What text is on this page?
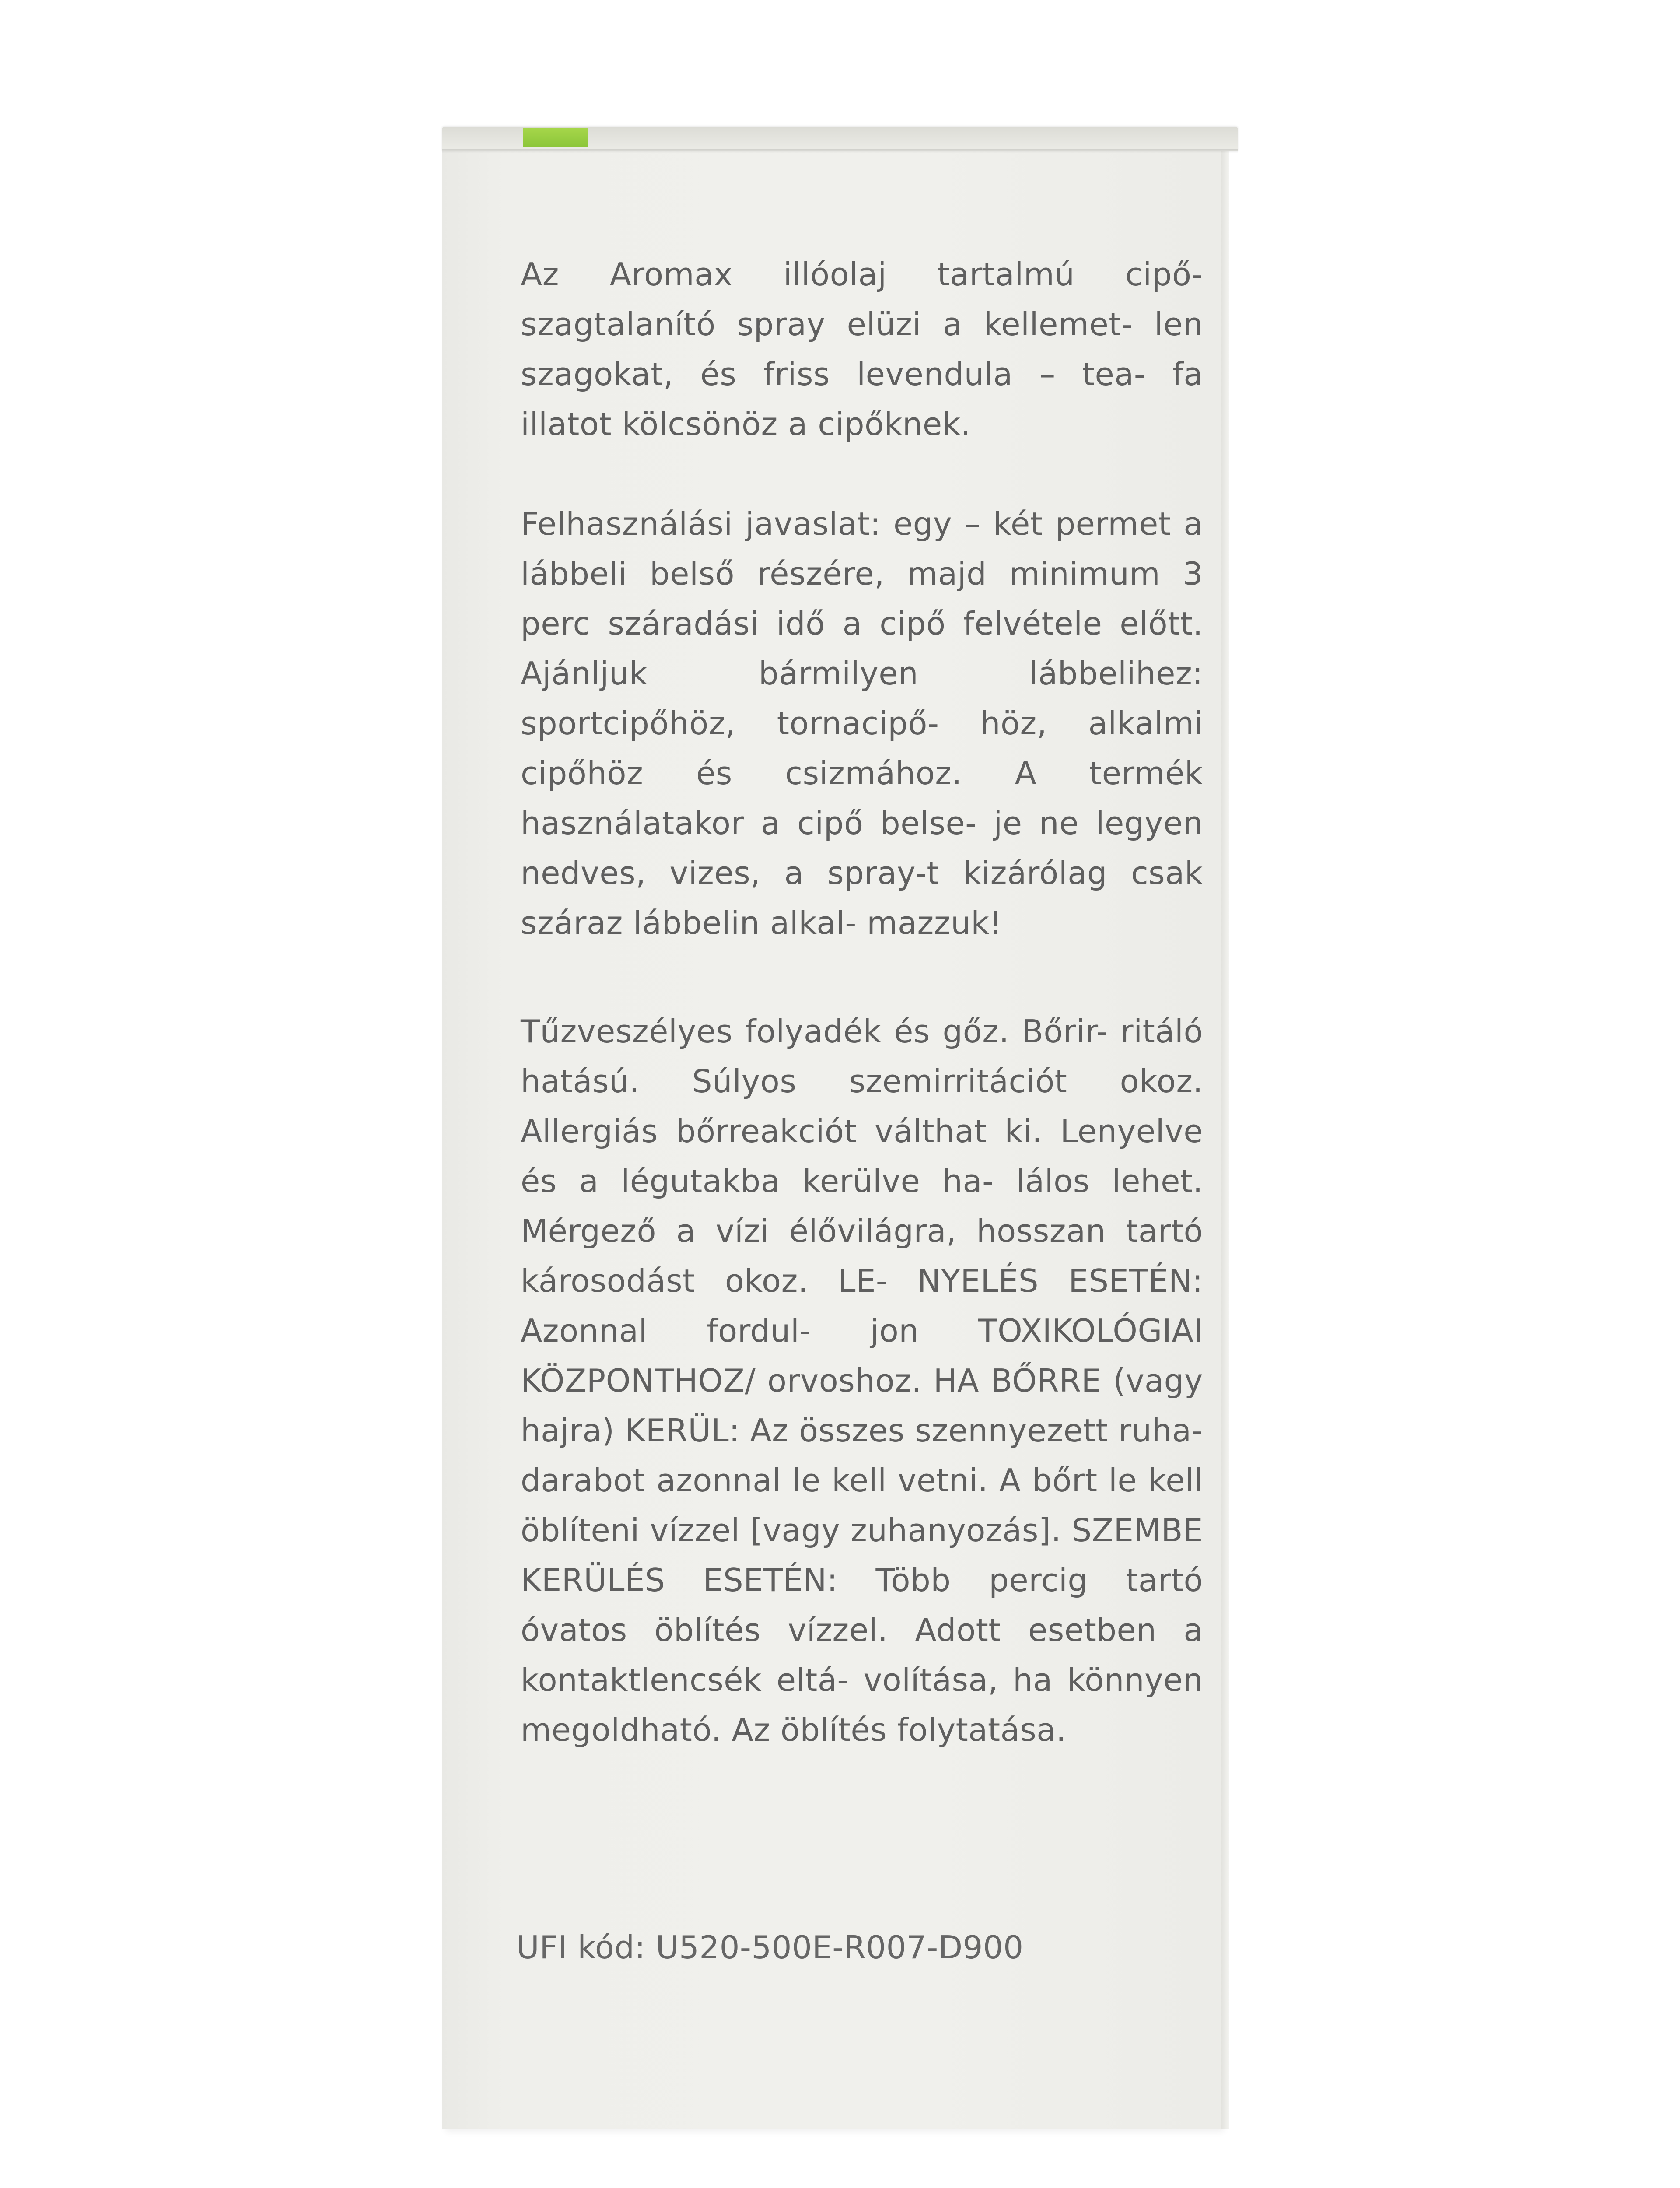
Az Aromax illóolaj tartalmú cipő- szagtalanító spray elüzi a kellemet- len szagokat, és friss levendula – tea- fa illatot kölcsönöz a cipőknek.
Felhasználási javaslat: egy – két permet a lábbeli belső részére, majd minimum 3 perc száradási idő a cipő felvétele előtt. Ajánljuk bármilyen lábbelihez: sportcipőhöz, tornacipő- höz, alkalmi cipőhöz és csizmához. A termék használatakor a cipő belse- je ne legyen nedves, vizes, a spray-t kizárólag csak száraz lábbelin alkal- mazzuk!
Tűzveszélyes folyadék és gőz. Bőrir- ritáló hatású. Súlyos szemirritációt okoz. Allergiás bőrreakciót válthat ki. Lenyelve és a légutakba kerülve ha- lálos lehet. Mérgező a vízi élővilágra, hosszan tartó károsodást okoz. LE- NYELÉS ESETÉN: Azonnal fordul- jon TOXIKOLÓGIAI KÖZPONTHOZ/ orvoshoz. HA BŐRRE (vagy hajra) KERÜL: Az összes szennyezett ruha- darabot azonnal le kell vetni. A bőrt le kell öblíteni vízzel [vagy zuhanyozás]. SZEMBE KERÜLÉS ESETÉN: Több percig tartó óvatos öblítés vízzel. Adott esetben a kontaktlencsék eltá- volítása, ha könnyen megoldható. Az öblítés folytatása.
UFI kód: U520-500E-R007-D900
